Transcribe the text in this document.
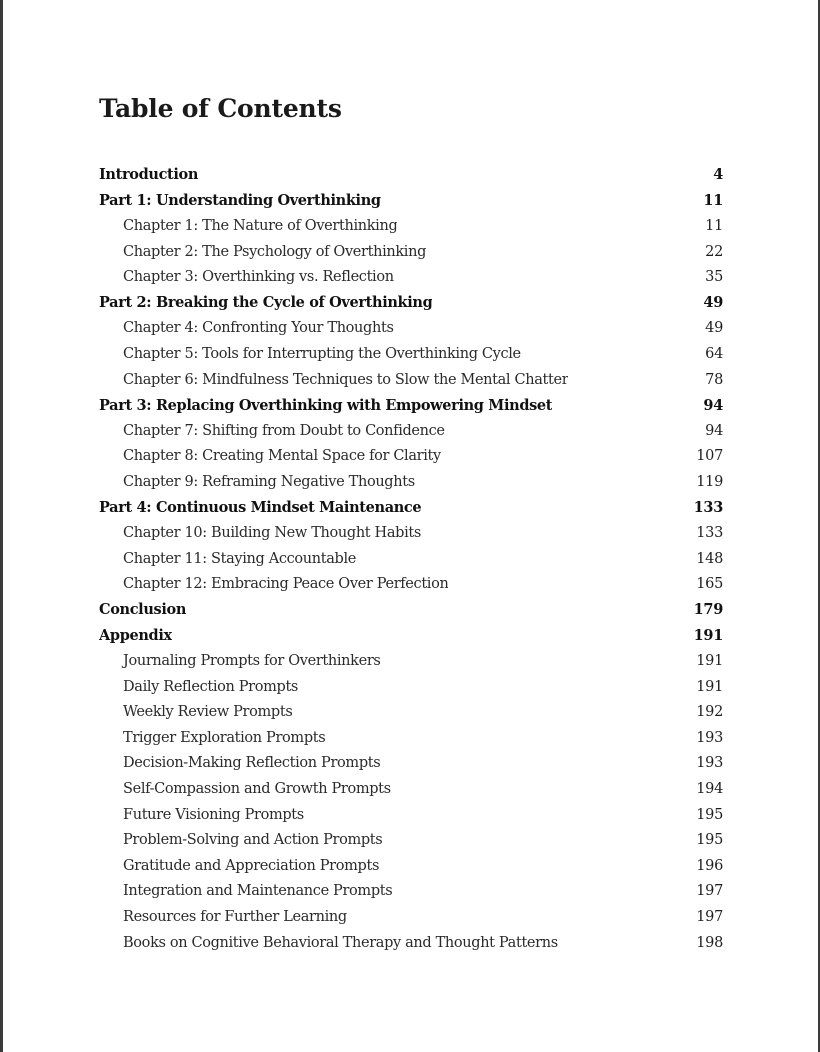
Table of Contents
Introduction	4
Part 1: Understanding Overthinking	11
Chapter 1: The Nature of Overthinking	11
Chapter 2: The Psychology of Overthinking	22
Chapter 3: Overthinking vs. Reflection	35
Part 2: Breaking the Cycle of Overthinking	49
Chapter 4: Confronting Your Thoughts	49
Chapter 5: Tools for Interrupting the Overthinking Cycle	64
Chapter 6: Mindfulness Techniques to Slow the Mental Chatter	78
Part 3: Replacing Overthinking with Empowering Mindset	94
Chapter 7: Shifting from Doubt to Confidence	94
Chapter 8: Creating Mental Space for Clarity	107
Chapter 9: Reframing Negative Thoughts	119
Part 4: Continuous Mindset Maintenance	133
Chapter 10: Building New Thought Habits	133
Chapter 11: Staying Accountable	148
Chapter 12: Embracing Peace Over Perfection	165
Conclusion	179
Appendix	191
Journaling Prompts for Overthinkers	191
Daily Reflection Prompts	191
Weekly Review Prompts	192
Trigger Exploration Prompts	193
Decision-Making Reflection Prompts	193
Self-Compassion and Growth Prompts	194
Future Visioning Prompts	195
Problem-Solving and Action Prompts	195
Gratitude and Appreciation Prompts	196
Integration and Maintenance Prompts	197
Resources for Further Learning	197
Books on Cognitive Behavioral Therapy and Thought Patterns	198
